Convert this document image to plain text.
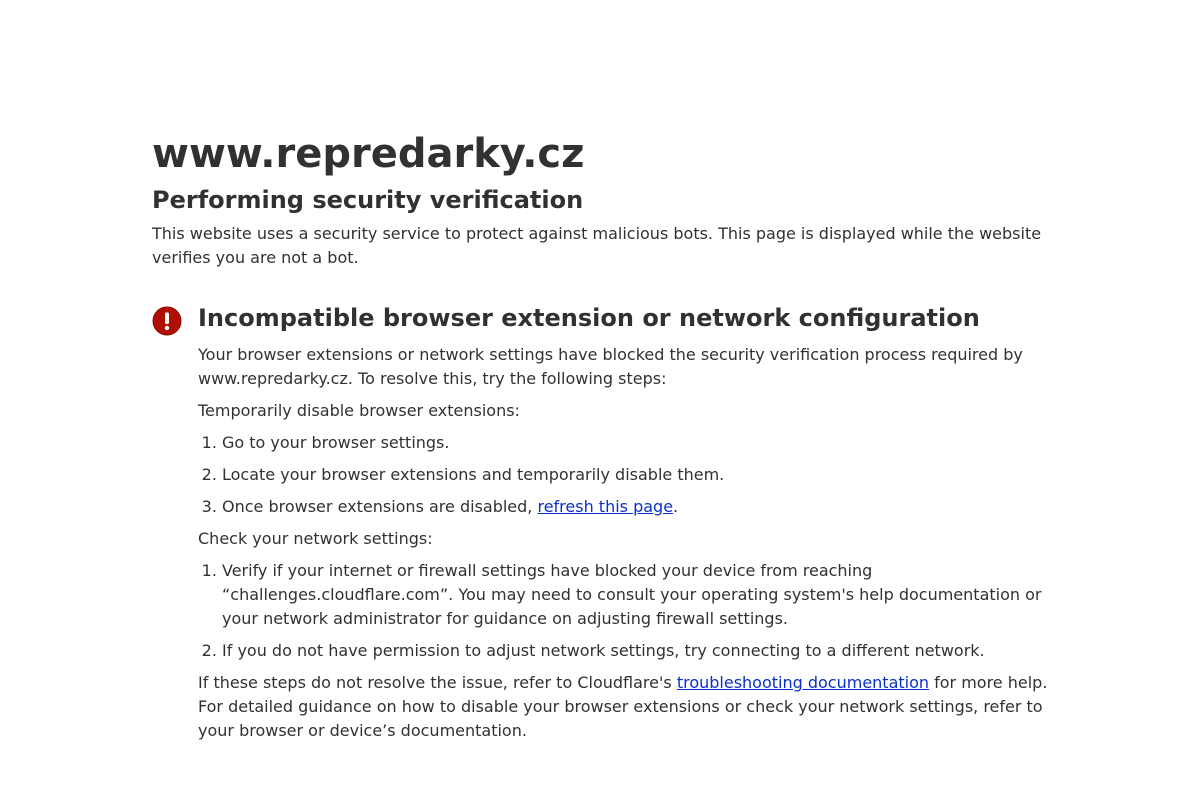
www.repredarky.cz
Performing security verification

This website uses a security service to protect against malicious bots. This page is displayed while the website verifies you are not a bot.

Incompatible browser extension or network configuration

Your browser extensions or network settings have blocked the security verification process required by www.repredarky.cz. To resolve this, try the following steps:

Temporarily disable browser extensions:

1. Go to your browser settings.
2. Locate your browser extensions and temporarily disable them.
3. Once browser extensions are disabled, refresh this page.

Check your network settings:

1. Verify if your internet or firewall settings have blocked your device from reaching “challenges.cloudflare.com”. You may need to consult your operating system's help documentation or your network administrator for guidance on adjusting firewall settings.
2. If you do not have permission to adjust network settings, try connecting to a different network.

If these steps do not resolve the issue, refer to Cloudflare's troubleshooting documentation for more help. For detailed guidance on how to disable your browser extensions or check your network settings, refer to your browser or device’s documentation.
